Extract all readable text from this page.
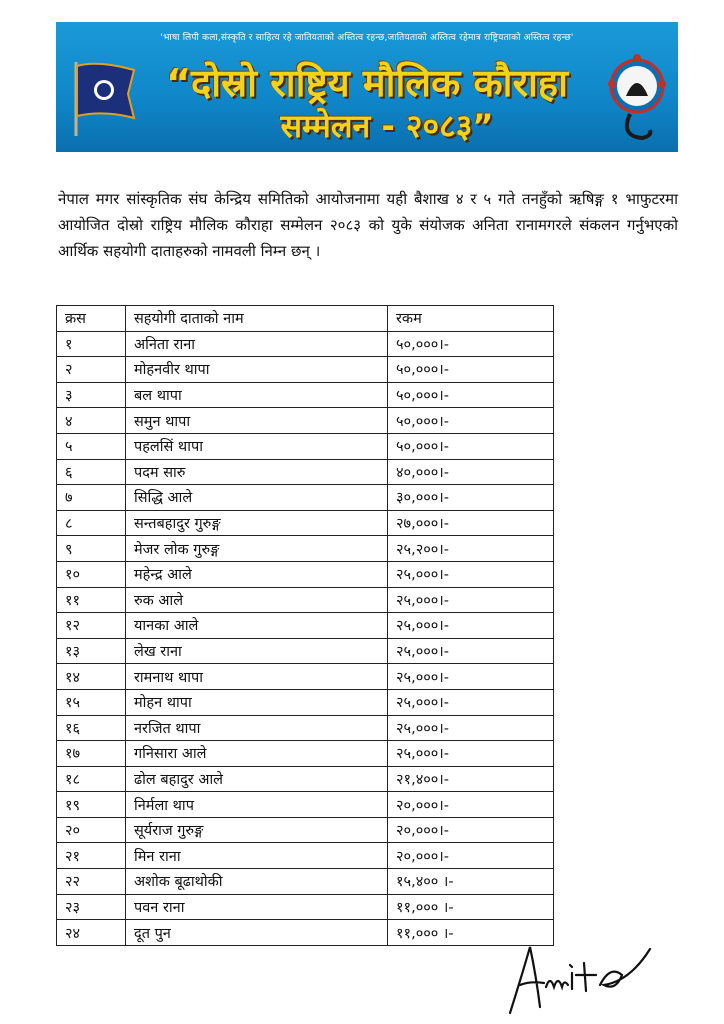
'भाषा लिपी कला,संस्कृति र साहित्य रहे जातियताको अस्तित्व रहन्छ,जातियताको अस्तित्व रहेमात्र राष्ट्रियताको अस्तित्व रहन्छ'
“दोस्रो राष्ट्रिय मौलिक कौराहा
सम्मेलन - २०८३”
नेपाल मगर सांस्कृतिक संघ केन्द्रिय समितिको आयोजनामा यही बैशाख ४ र ५ गते तनहुँको ऋषिङ्ग १ भाफुटरमा आयोजित दोस्रो राष्ट्रिय मौलिक कौराहा सम्मेलन २०८३ को युके संयोजक अनिता रानामगरले संकलन गर्नुभएको आर्थिक सहयोगी दाताहरुको नामवली निम्न छन् ।
क्रस	सहयोगी दाताको नाम	रकम
१	अनिता राना	५०,०००।-
२	मोहनवीर थापा	५०,०००।-
३	बल थापा	५०,०००।-
४	समुन थापा	५०,०००।-
५	पहलसिं थापा	५०,०००।-
६	पदम सारु	४०,०००।-
७	सिद्धि आले	३०,०००।-
८	सन्तबहादुर गुरुङ्ग	२७,०००।-
९	मेजर लोक गुरुङ्ग	२५,२००।-
१०	महेन्द्र आले	२५,०००।-
११	रुक आले	२५,०००।-
१२	यानका आले	२५,०००।-
१३	लेख राना	२५,०००।-
१४	रामनाथ थापा	२५,०००।-
१५	मोहन थापा	२५,०००।-
१६	नरजित थापा	२५,०००।-
१७	गनिसारा आले	२५,०००।-
१८	ढोल बहादुर आले	२१,४००।-
१९	निर्मला थाप	२०,०००।-
२०	सूर्यराज गुरुङ्ग	२०,०००।-
२१	मिन राना	२०,०००।-
२२	अशोक बूढाथोकी	१५,४०० ।-
२३	पवन राना	११,००० ।-
२४	दूत पुन	११,००० ।-
